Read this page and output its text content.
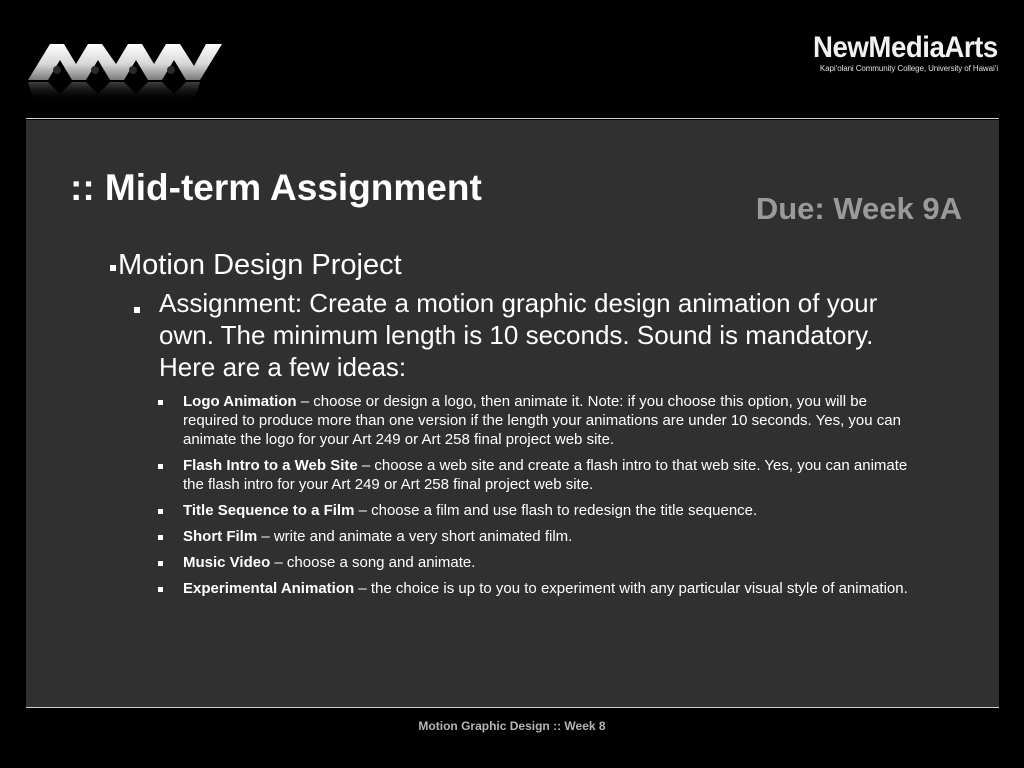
NewMediaArts
Kapi‘olani Community College, University of Hawai‘i
:: Mid-term Assignment
Due: Week 9A
Motion Design Project
Assignment: Create a motion graphic design animation of your own. The minimum length is 10 seconds. Sound is mandatory. Here are a few ideas:
Logo Animation – choose or design a logo, then animate it. Note: if you choose this option, you will be required to produce more than one version if the length your animations are under 10 seconds. Yes, you can animate the logo for your Art 249 or Art 258 final project web site.
Flash Intro to a Web Site – choose a web site and create a flash intro to that web site. Yes, you can animate the flash intro for your Art 249 or Art 258 final project web site.
Title Sequence to a Film – choose a film and use flash to redesign the title sequence.
Short Film – write and animate a very short animated film.
Music Video – choose a song and animate.
Experimental Animation – the choice is up to you to experiment with any particular visual style of animation.
Motion Graphic Design :: Week 8
